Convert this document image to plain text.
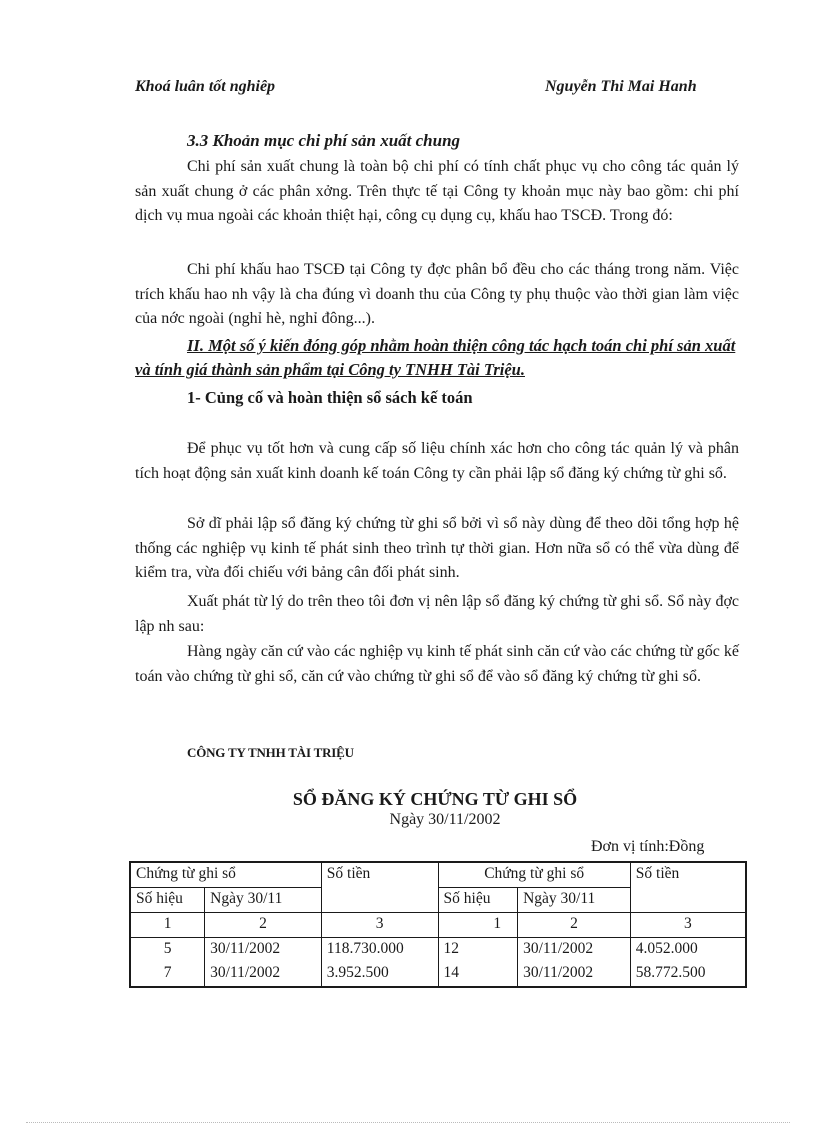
Khoá luân tốt nghiêp	Nguyễn Thi Mai Hanh
3.3 Khoản mục chi phí sản xuất chung

Chi phí sản xuất chung là toàn bộ chi phí có tính chất phục vụ cho công tác quản lý sản xuất chung ở các phân xởng. Trên thực tế tại Công ty khoản mục này bao gồm: chi phí dịch vụ mua ngoài các khoản thiệt hại, công cụ dụng cụ, khấu hao TSCĐ. Trong đó:

Chi phí khấu hao TSCĐ tại Công ty đợc phân bổ đều cho các tháng trong năm. Việc trích khấu hao nh vậy là cha đúng vì doanh thu của Công ty phụ thuộc vào thời gian làm việc của nớc ngoài (nghỉ hè, nghỉ đông...).

II. Một số ý kiến đóng góp nhằm hoàn thiện công tác hạch toán chi phí sản xuất và tính giá thành sản phẩm tại Công ty TNHH Tài Triệu.

1- Củng cố và hoàn thiện sổ sách kế toán

Để phục vụ tốt hơn và cung cấp số liệu chính xác hơn cho công tác quản lý và phân tích hoạt động sản xuất kinh doanh kế toán Công ty cần phải lập sổ đăng ký chứng từ ghi sổ.

Sở dĩ phải lập sổ đăng ký chứng từ ghi sổ bởi vì sổ này dùng để theo dõi tổng hợp hệ thống các nghiệp vụ kinh tế phát sinh theo trình tự thời gian. Hơn nữa sổ có thể vừa dùng để kiểm tra, vừa đối chiếu với bảng cân đối phát sinh.

Xuất phát từ lý do trên theo tôi đơn vị nên lập sổ đăng ký chứng từ ghi sổ. Sổ này đợc lập nh sau:

Hàng ngày căn cứ vào các nghiệp vụ kinh tế phát sinh căn cứ vào các chứng từ gốc kế toán vào chứng từ ghi sổ, căn cứ vào chứng từ ghi sổ để vào sổ đăng ký chứng từ ghi sổ.

CÔNG TY TNHH TÀI TRIỆU
SỔ ĐĂNG KÝ CHỨNG TỪ GHI SỔ
Ngày 30/11/2002
Đơn vị tính:Đồng
Chứng từ ghi sổ		Số tiền	Chứng từ ghi sổ		Số tiền
Số hiệu	Ngày 30/11		Số hiệu	Ngày 30/11	
1	2	3	1	2	3
5	30/11/2002	118.730.000	12	30/11/2002	4.052.000
7	30/11/2002	3.952.500	14	30/11/2002	58.772.500
